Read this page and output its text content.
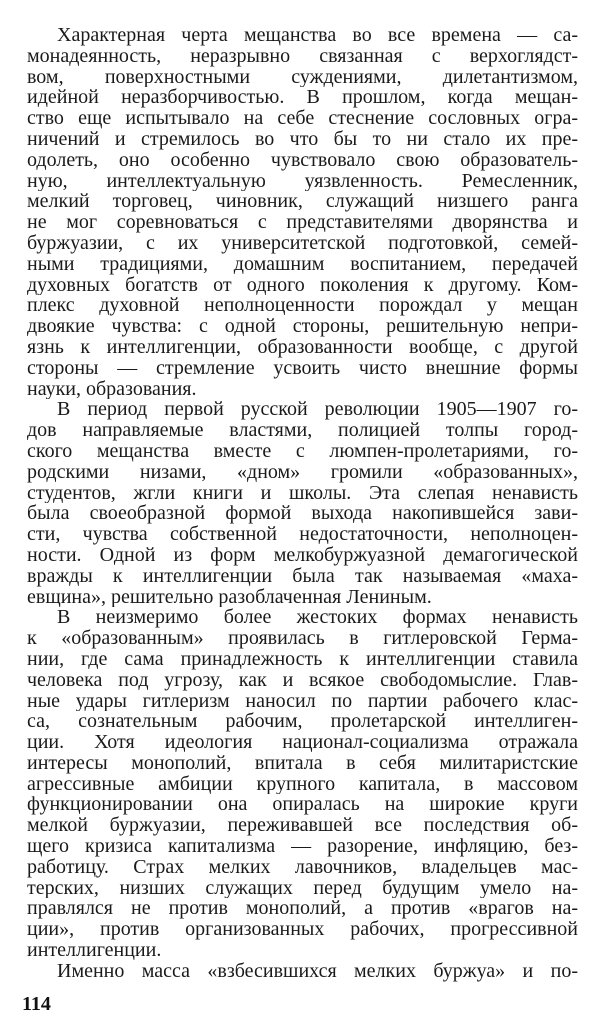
Характерная черта мещанства во все времена — са-
монадеянность, неразрывно связанная с верхоглядст-
вом, поверхностными суждениями, дилетантизмом,
идейной неразборчивостью. В прошлом, когда мещан-
ство еще испытывало на себе стеснение сословных огра-
ничений и стремилось во что бы то ни стало их пре-
одолеть, оно особенно чувствовало свою образователь-
ную, интеллектуальную уязвленность. Ремесленник,
мелкий торговец, чиновник, служащий низшего ранга
не мог соревноваться с представителями дворянства и
буржуазии, с их университетской подготовкой, семей-
ными традициями, домашним воспитанием, передачей
духовных богатств от одного поколения к другому. Ком-
плекс духовной неполноценности порождал у мещан
двоякие чувства: с одной стороны, решительную непри-
язнь к интеллигенции, образованности вообще, с другой
стороны — стремление усвоить чисто внешние формы
науки, образования.
В период первой русской революции 1905—1907 го-
дов направляемые властями, полицией толпы город-
ского мещанства вместе с люмпен-пролетариями, го-
родскими низами, «дном» громили «образованных»,
студентов, жгли книги и школы. Эта слепая ненависть
была своеобразной формой выхода накопившейся зави-
сти, чувства собственной недостаточности, неполноцен-
ности. Одной из форм мелкобуржуазной демагогической
вражды к интеллигенции была так называемая «маха-
евщина», решительно разоблаченная Лениным.
В неизмеримо более жестоких формах ненависть
к «образованным» проявилась в гитлеровской Герма-
нии, где сама принадлежность к интеллигенции ставила
человека под угрозу, как и всякое свободомыслие. Глав-
ные удары гитлеризм наносил по партии рабочего клас-
са, сознательным рабочим, пролетарской интеллиген-
ции. Хотя идеология национал-социализма отражала
интересы монополий, впитала в себя милитаристские
агрессивные амбиции крупного капитала, в массовом
функционировании она опиралась на широкие круги
мелкой буржуазии, переживавшей все последствия об-
щего кризиса капитализма — разорение, инфляцию, без-
работицу. Страх мелких лавочников, владельцев мас-
терских, низших служащих перед будущим умело на-
правлялся не против монополий, а против «врагов на-
ции», против организованных рабочих, прогрессивной
интеллигенции.
Именно масса «взбесившихся мелких буржуа» и по-
114
